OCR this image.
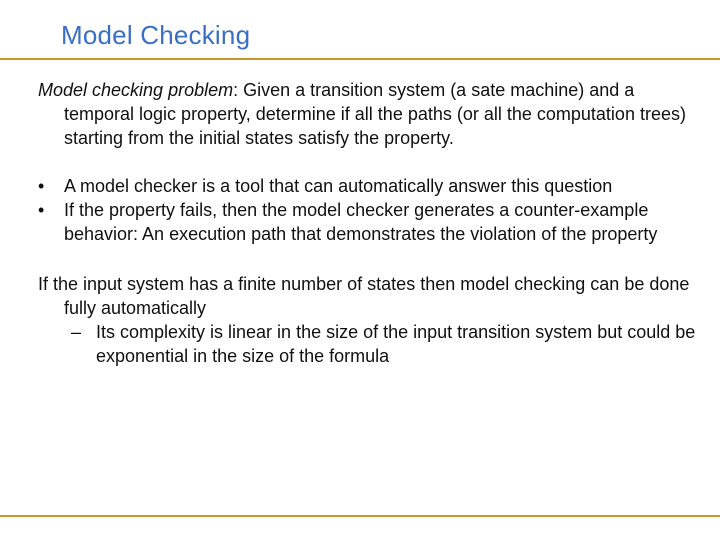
Model Checking

Model checking problem: Given a transition system (a sate machine) and a temporal logic property, determine if all the paths (or all the computation trees) starting from the initial states satisfy the property.

• A model checker is a tool that can automatically answer this question
• If the property fails, then the model checker generates a counter-example behavior: An execution path that demonstrates the violation of the property

If the input system has a finite number of states then model checking can be done fully automatically

– Its complexity is linear in the size of the input transition system but could be exponential in the size of the formula
